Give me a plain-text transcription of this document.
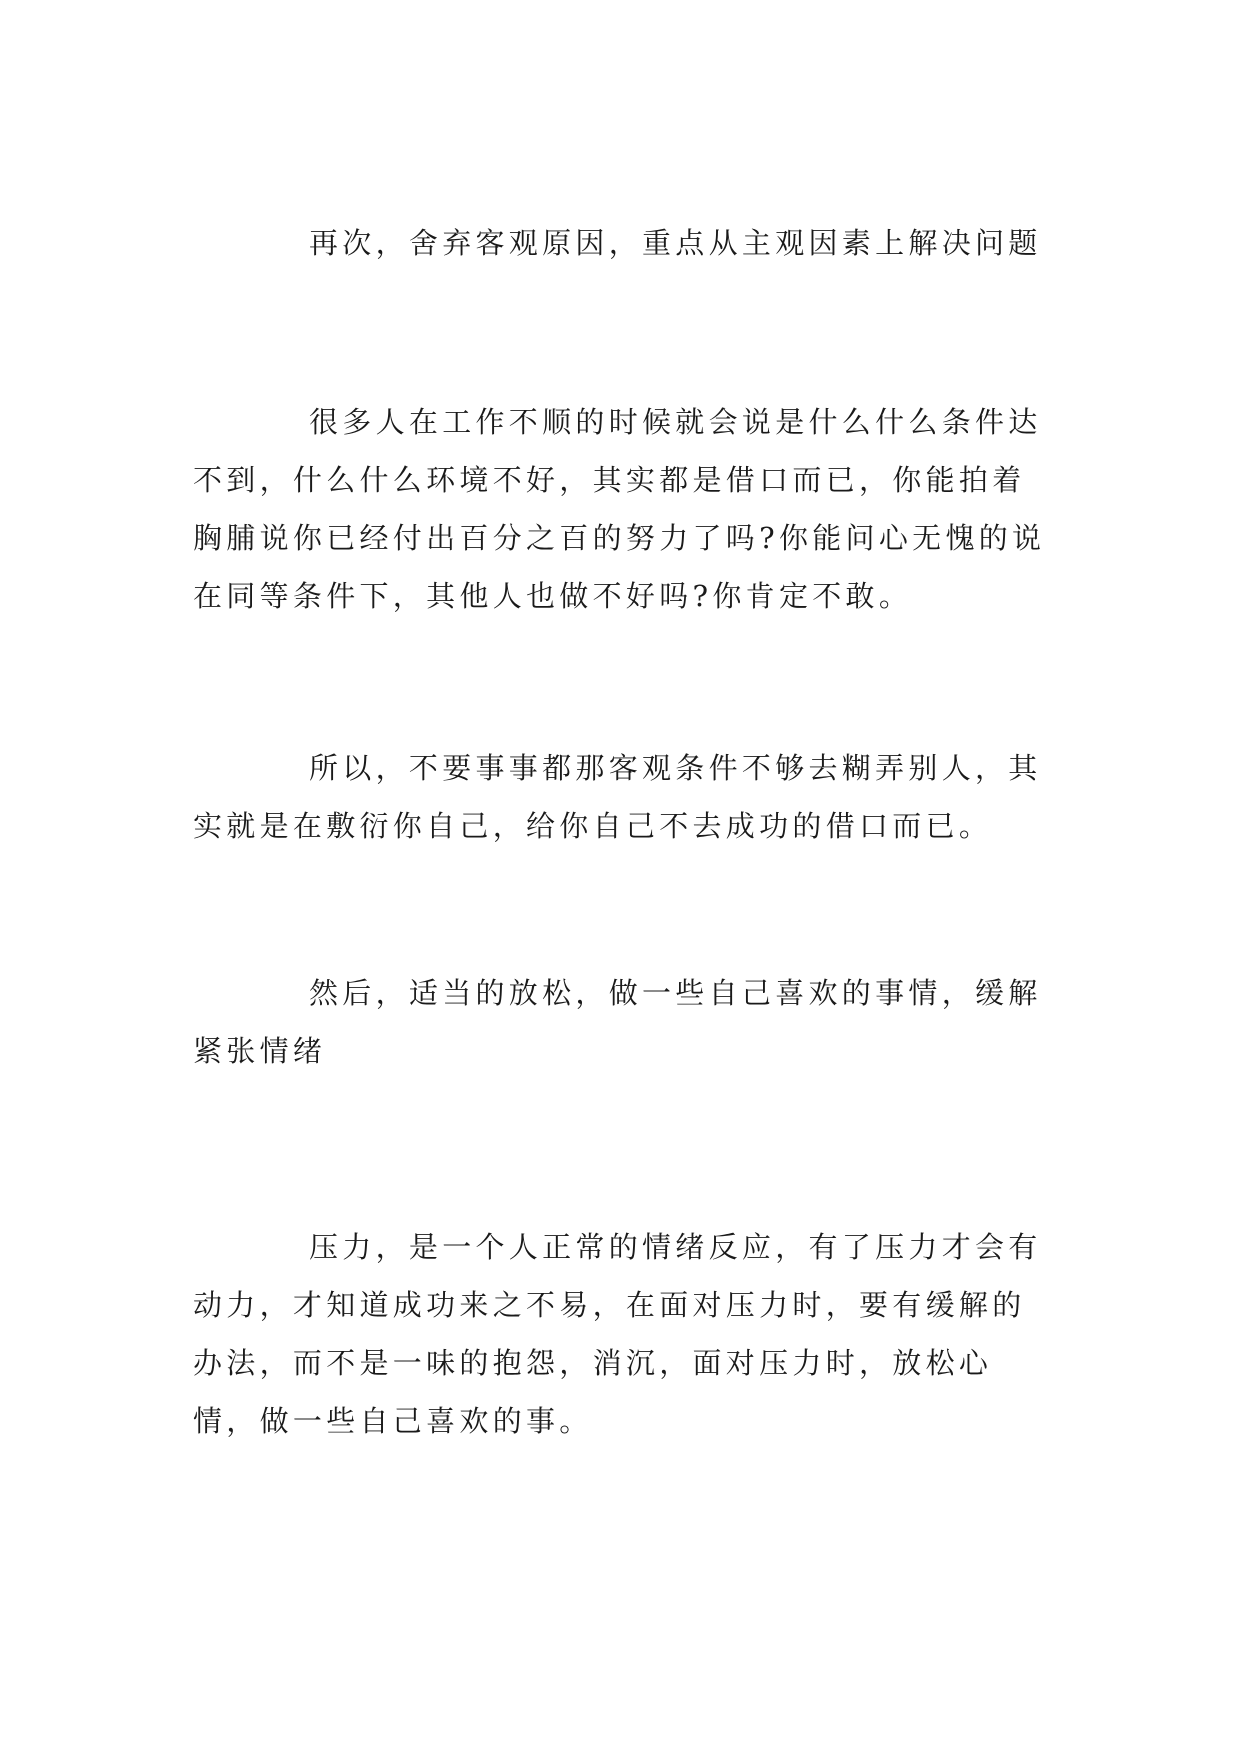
再次，舍弃客观原因，重点从主观因素上解决问题

很多人在工作不顺的时候就会说是什么什么条件达不到，什么什么环境不好，其实都是借口而已，你能拍着胸脯说你已经付出百分之百的努力了吗?你能问心无愧的说在同等条件下，其他人也做不好吗?你肯定不敢。

所以，不要事事都那客观条件不够去糊弄别人，其实就是在敷衍你自己，给你自己不去成功的借口而已。

然后，适当的放松，做一些自己喜欢的事情，缓解紧张情绪

压力，是一个人正常的情绪反应，有了压力才会有动力，才知道成功来之不易，在面对压力时，要有缓解的办法，而不是一味的抱怨，消沉，面对压力时，放松心情，做一些自己喜欢的事。
